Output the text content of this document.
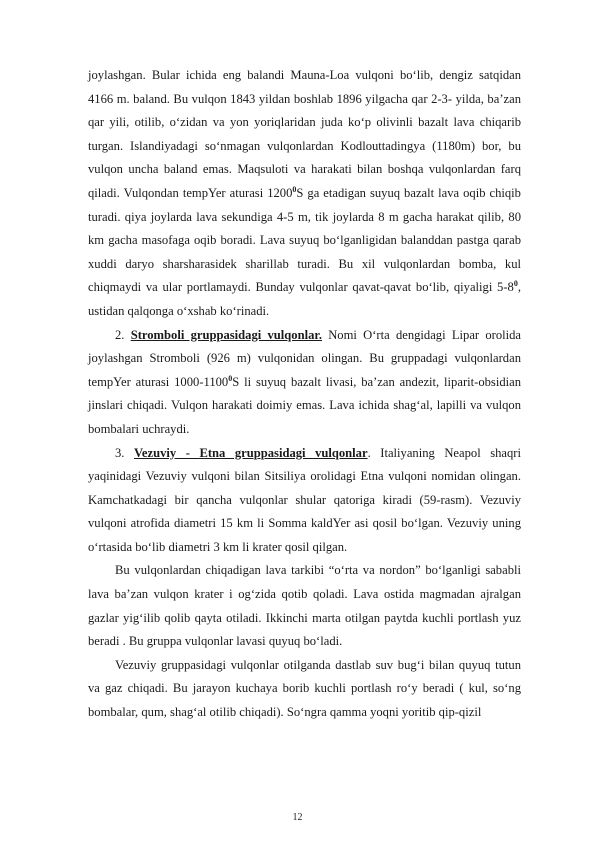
joylashgan. Bular ichida eng balandi Mauna-Loa vulqoni bo‘lib, dengiz satqidan 4166 m. baland. Bu vulqon 1843 yildan boshlab 1896 yilgacha qar 2-3- yilda, ba’zan qar yili, otilib, o‘zidan va yon yoriqlaridan juda ko‘p olivinli bazalt lava chiqarib turgan. Islandiyadagi so‘nmagan vulqonlardan Kodlouttadingya (1180m) bor, bu vulqon uncha baland emas. Maqsuloti va harakati bilan boshqa vulqonlardan farq qiladi. Vulqondan tempYer aturasi 1200$^0$S ga etadigan suyuq bazalt lava oqib chiqib turadi. qiya joylarda lava sekundiga 4-5 m, tik joylarda 8 m gacha harakat qilib, 80 km gacha masofaga oqib boradi. Lava suyuq bo‘lganligidan balanddan pastga qarab xuddi daryo sharsharasidek sharillab turadi. Bu xil vulqonlardan bomba, kul chiqmaydi va ular portlamaydi. Bunday vulqonlar qavat-qavat bo‘lib, qiyaligi $5-8^0$, ustidan qalqonga o‘xshab ko‘rinadi.

2. Stromboli gruppasidagi vulqonlar. Nomi O‘rta dengidagi Lipar orolida joylashgan Stromboli (926 m) vulqonidan olingan. Bu gruppadagi vulqonlardan tempYer aturasi 1000-1100$^0$S li suyuq bazalt livasi, ba’zan andezit, liparit-obsidian jinslari chiqadi. Vulqon harakati doimiy emas. Lava ichida shag‘al, lapilli va vulqon bombalari uchraydi.

3. Vezuviy - Etna gruppasidagi vulqonlar. Italiyaning Neapol shaqri yaqinidagi Vezuviy vulqoni bilan Sitsiliya orolidagi Etna vulqoni nomidan olingan. Kamchatkadagi bir qancha vulqonlar shular qatoriga kiradi (59-rasm). Vezuviy vulqoni atrofida diametri 15 km li Somma kaldYer asi qosil bo‘lgan. Vezuviy uning o‘rtasida bo‘lib diametri 3 km li krater qosil qilgan.

Bu vulqonlardan chiqadigan lava tarkibi “o‘rta va nordon” bo‘lganligi sababli lava ba’zan vulqon krater i og‘zida qotib qoladi. Lava ostida magmadan ajralgan gazlar yig‘ilib qolib qayta otiladi. Ikkinchi marta otilgan paytda kuchli portlash yuz beradi . Bu gruppa vulqonlar lavasi quyuq bo‘ladi.

Vezuviy gruppasidagi vulqonlar otilganda dastlab suv bug‘i bilan quyuq tutun va gaz chiqadi. Bu jarayon kuchaya borib kuchli portlash ro‘y beradi ( kul, so‘ng bombalar, qum, shag‘al otilib chiqadi). So‘ngra qamma yoqni yoritib qip-qizil

12
